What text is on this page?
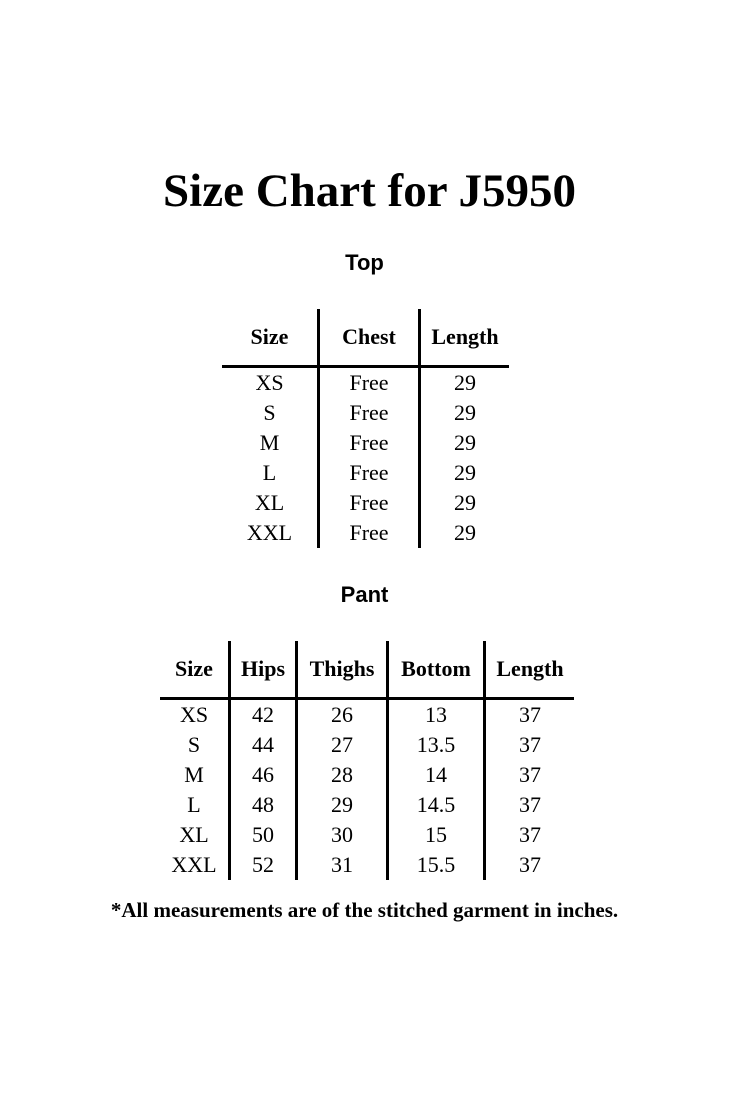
Size Chart for J5950
Top
Size	Chest	Length
XS	Free	29
S	Free	29
M	Free	29
L	Free	29
XL	Free	29
XXL	Free	29
Pant
Size	Hips	Thighs	Bottom	Length
XS	42	26	13	37
S	44	27	13.5	37
M	46	28	14	37
L	48	29	14.5	37
XL	50	30	15	37
XXL	52	31	15.5	37
*All measurements are of the stitched garment in inches.
